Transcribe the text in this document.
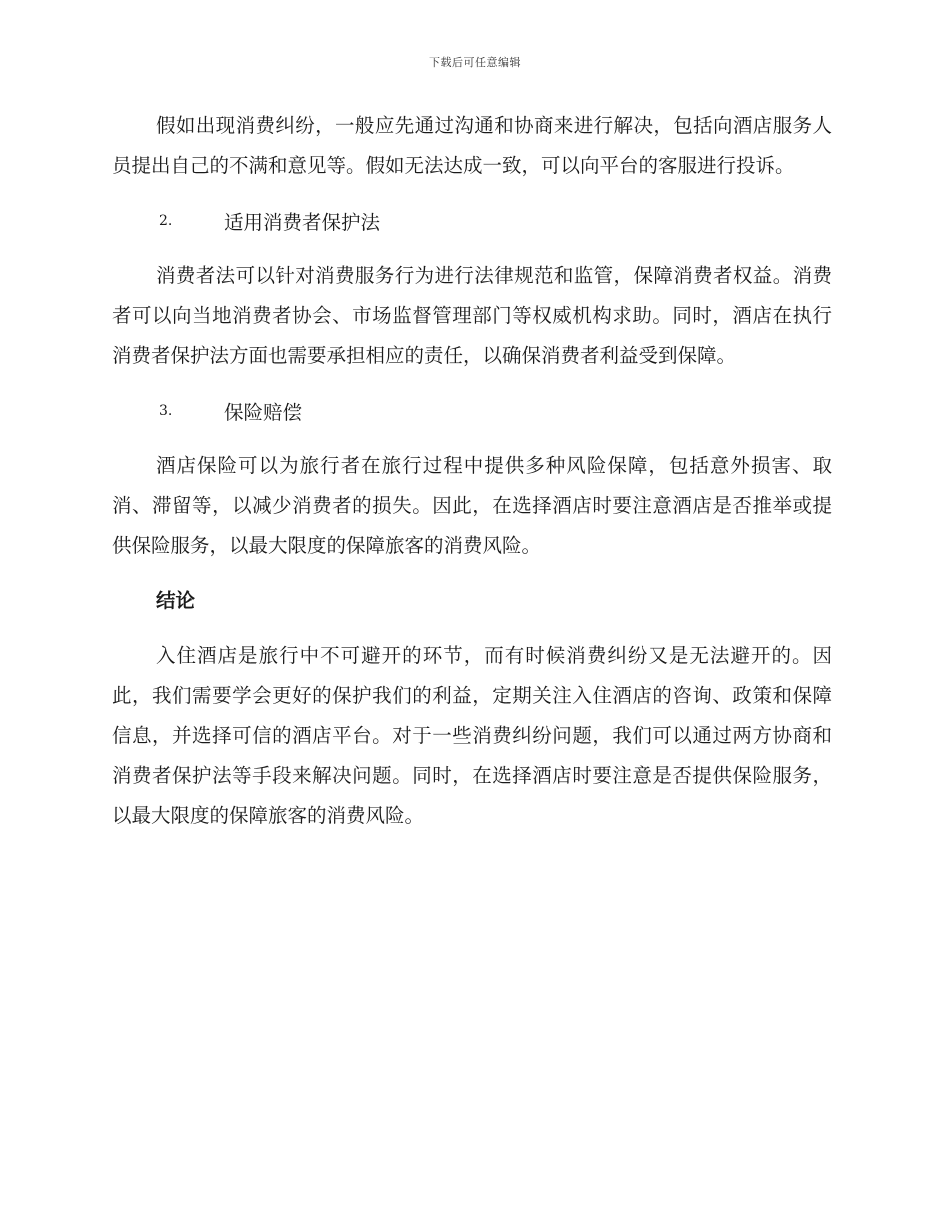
下载后可任意编辑

假如出现消费纠纷，一般应先通过沟通和协商来进行解决，包括向酒店服务人员提出自己的不满和意见等。假如无法达成一致，可以向平台的客服进行投诉。

2.	适用消费者保护法

消费者法可以针对消费服务行为进行法律规范和监管，保障消费者权益。消费者可以向当地消费者协会、市场监督管理部门等权威机构求助。同时，酒店在执行消费者保护法方面也需要承担相应的责任，以确保消费者利益受到保障。

3.	保险赔偿

酒店保险可以为旅行者在旅行过程中提供多种风险保障，包括意外损害、取消、滞留等，以减少消费者的损失。因此，在选择酒店时要注意酒店是否推举或提供保险服务，以最大限度的保障旅客的消费风险。

结论

入住酒店是旅行中不可避开的环节，而有时候消费纠纷又是无法避开的。因此，我们需要学会更好的保护我们的利益，定期关注入住酒店的咨询、政策和保障信息，并选择可信的酒店平台。对于一些消费纠纷问题，我们可以通过两方协商和消费者保护法等手段来解决问题。同时，在选择酒店时要注意是否提供保险服务，以最大限度的保障旅客的消费风险。
